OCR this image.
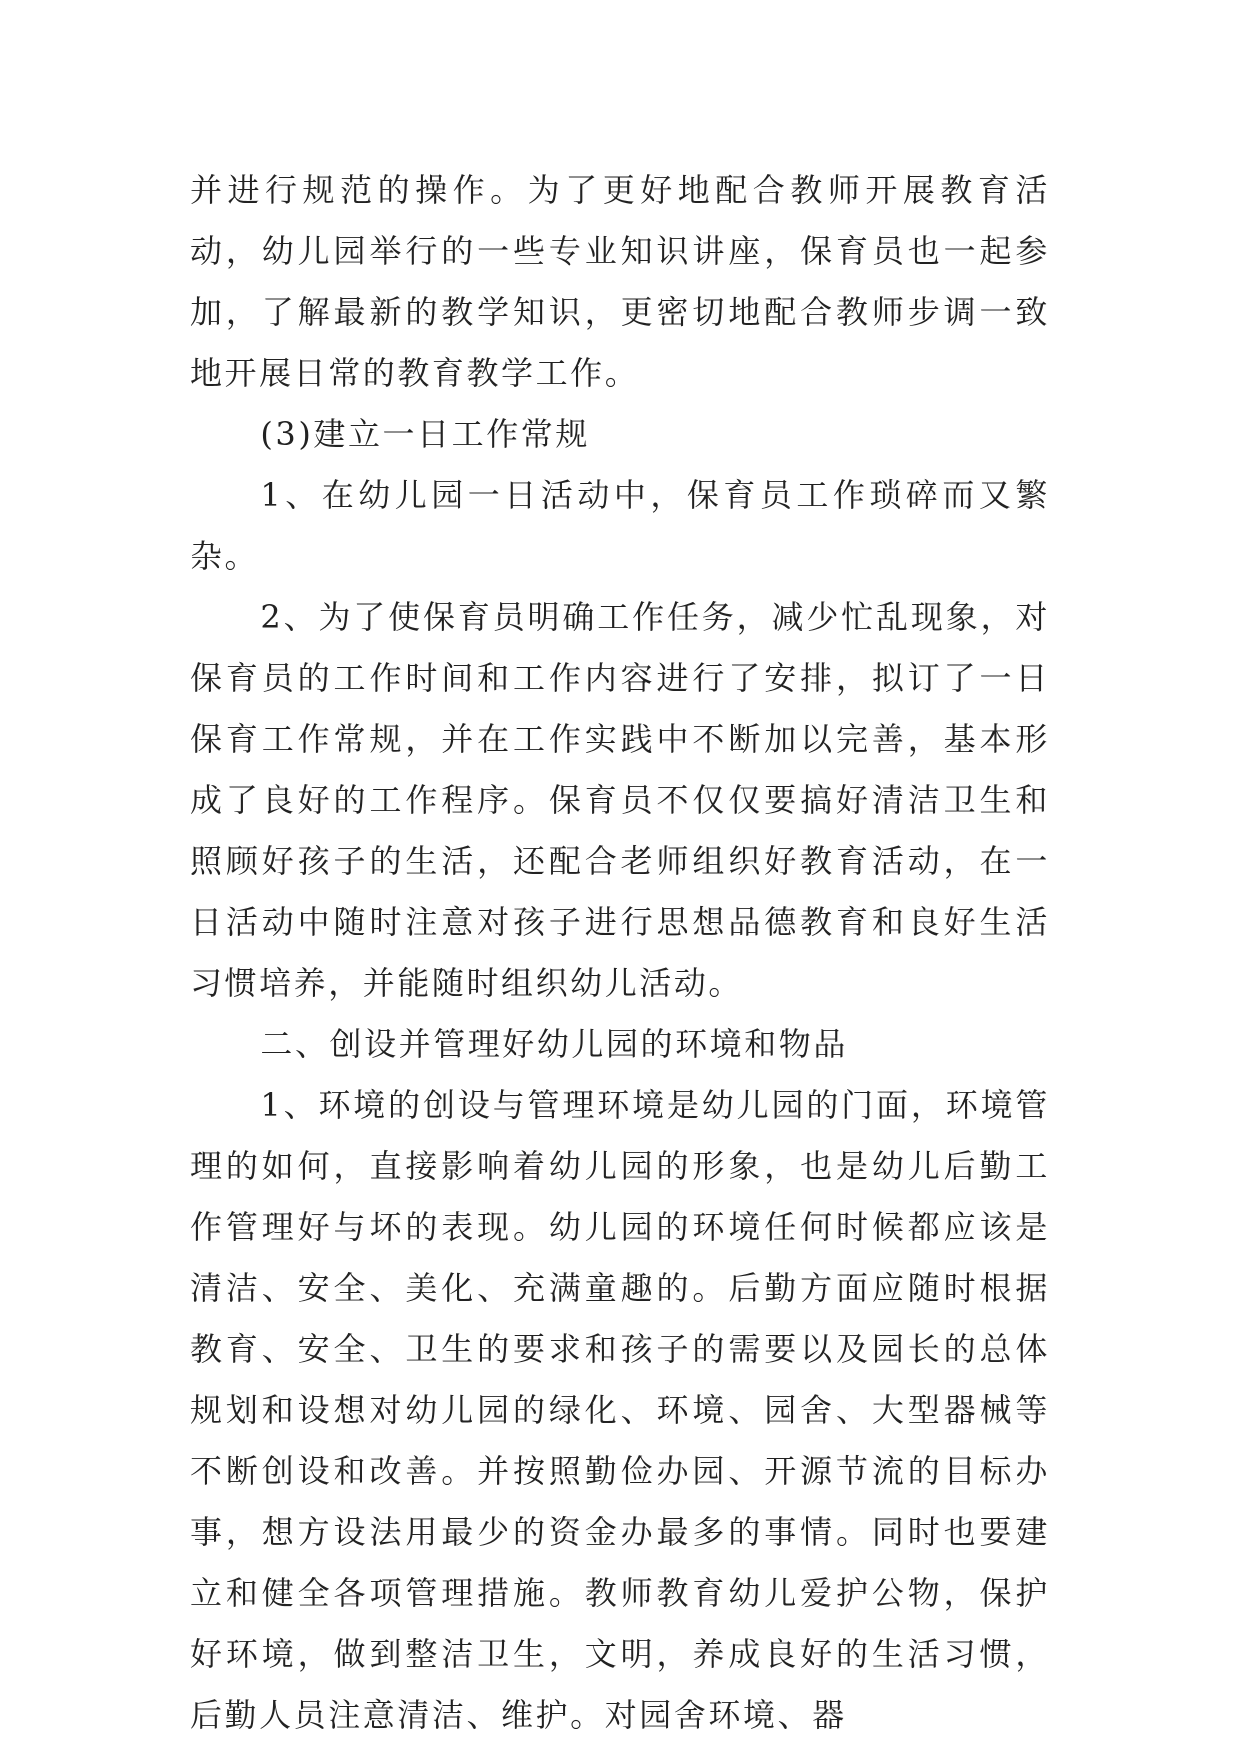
并进行规范的操作。为了更好地配合教师开展教育活动，幼儿园举行的一些专业知识讲座，保育员也一起参加，了解最新的教学知识，更密切地配合教师步调一致地开展日常的教育教学工作。

(3)建立一日工作常规

1、在幼儿园一日活动中，保育员工作琐碎而又繁杂。

2、为了使保育员明确工作任务，减少忙乱现象，对保育员的工作时间和工作内容进行了安排，拟订了一日保育工作常规，并在工作实践中不断加以完善，基本形成了良好的工作程序。保育员不仅仅要搞好清洁卫生和照顾好孩子的生活，还配合老师组织好教育活动，在一日活动中随时注意对孩子进行思想品德教育和良好生活习惯培养，并能随时组织幼儿活动。

二、创设并管理好幼儿园的环境和物品

1、环境的创设与管理环境是幼儿园的门面，环境管理的如何，直接影响着幼儿园的形象，也是幼儿后勤工作管理好与坏的表现。幼儿园的环境任何时候都应该是清洁、安全、美化、充满童趣的。后勤方面应随时根据教育、安全、卫生的要求和孩子的需要以及园长的总体规划和设想对幼儿园的绿化、环境、园舍、大型器械等不断创设和改善。并按照勤俭办园、开源节流的目标办事，想方设法用最少的资金办最多的事情。同时也要建立和健全各项管理措施。教师教育幼儿爱护公物，保护好环境，做到整洁卫生，文明，养成良好的生活习惯，后勤人员注意清洁、维护。对园舍环境、器
